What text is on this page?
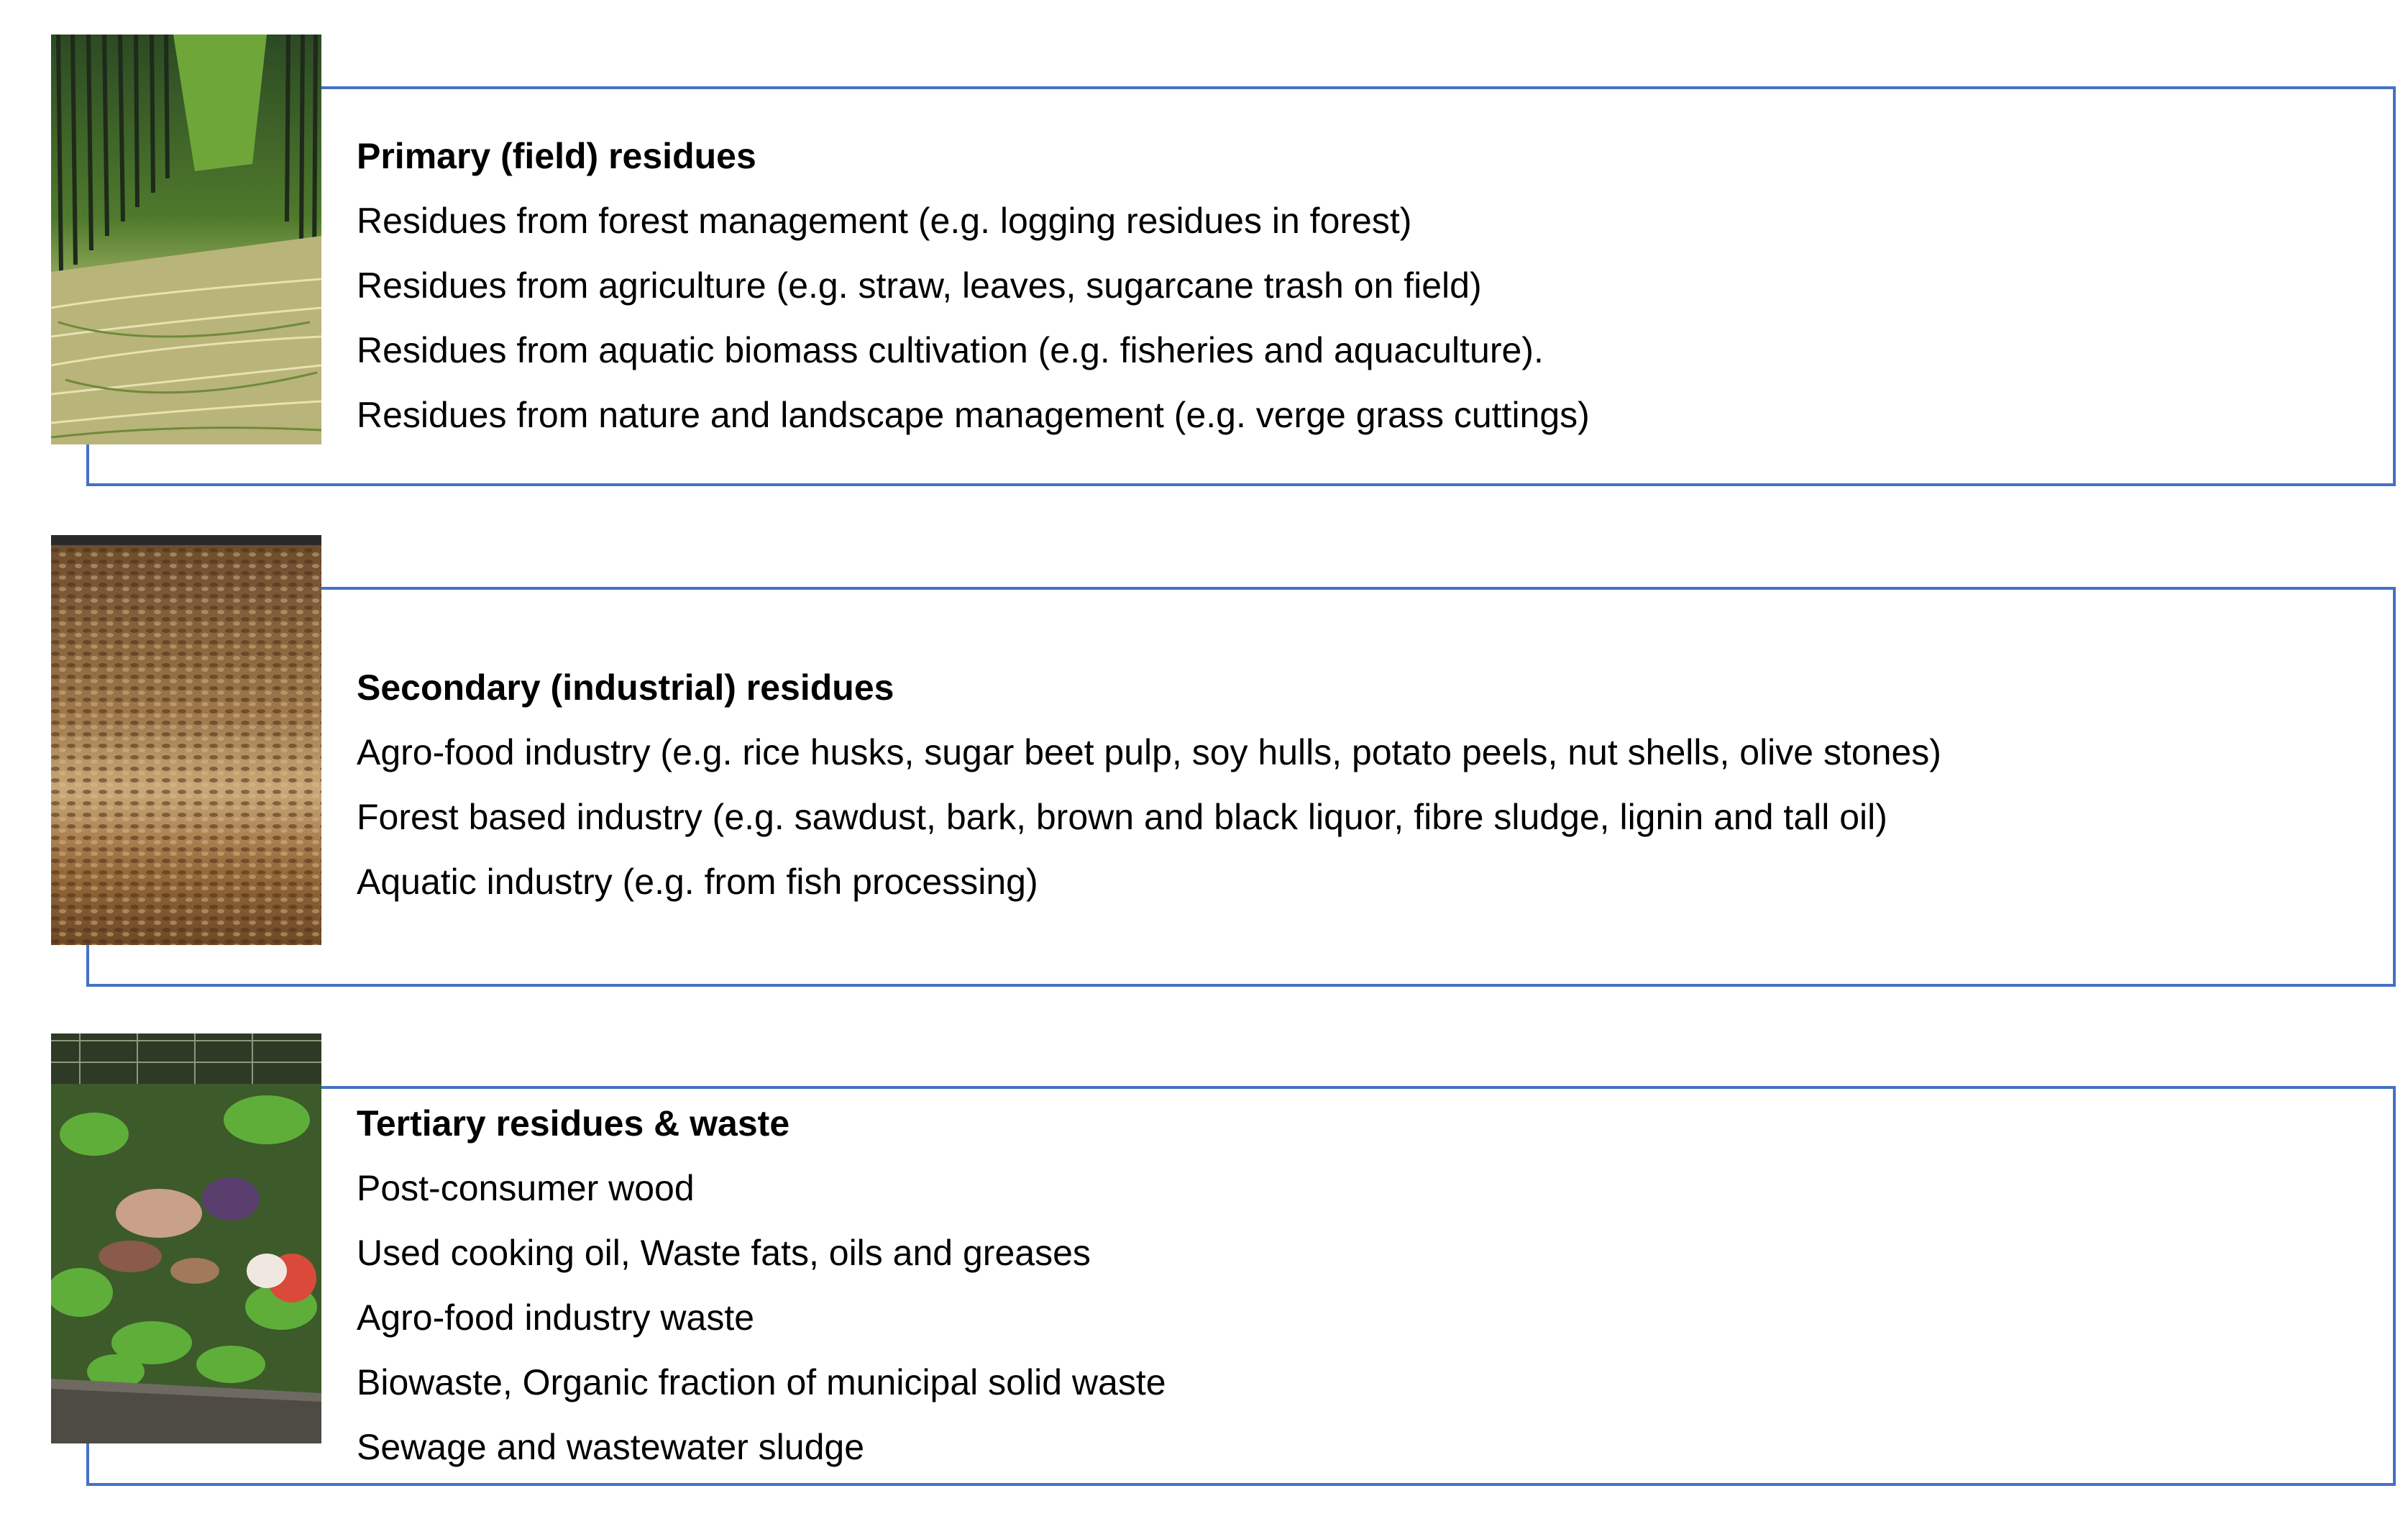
Primary (field) residues
Residues from forest management (e.g. logging residues in forest)
Residues from agriculture (e.g. straw, leaves, sugarcane trash on field)
Residues from aquatic biomass cultivation (e.g. fisheries and aquaculture).
Residues from nature and landscape management (e.g. verge grass cuttings)
Secondary (industrial) residues
Agro-food industry (e.g. rice husks, sugar beet pulp, soy hulls, potato peels, nut shells, olive stones)
Forest based industry (e.g. sawdust, bark, brown and black liquor, fibre sludge, lignin and tall oil)
Aquatic industry (e.g. from fish processing)
Tertiary residues & waste
Post-consumer wood
Used cooking oil, Waste fats, oils and greases
Agro-food industry waste
Biowaste, Organic fraction of municipal solid waste
Sewage and wastewater sludge
